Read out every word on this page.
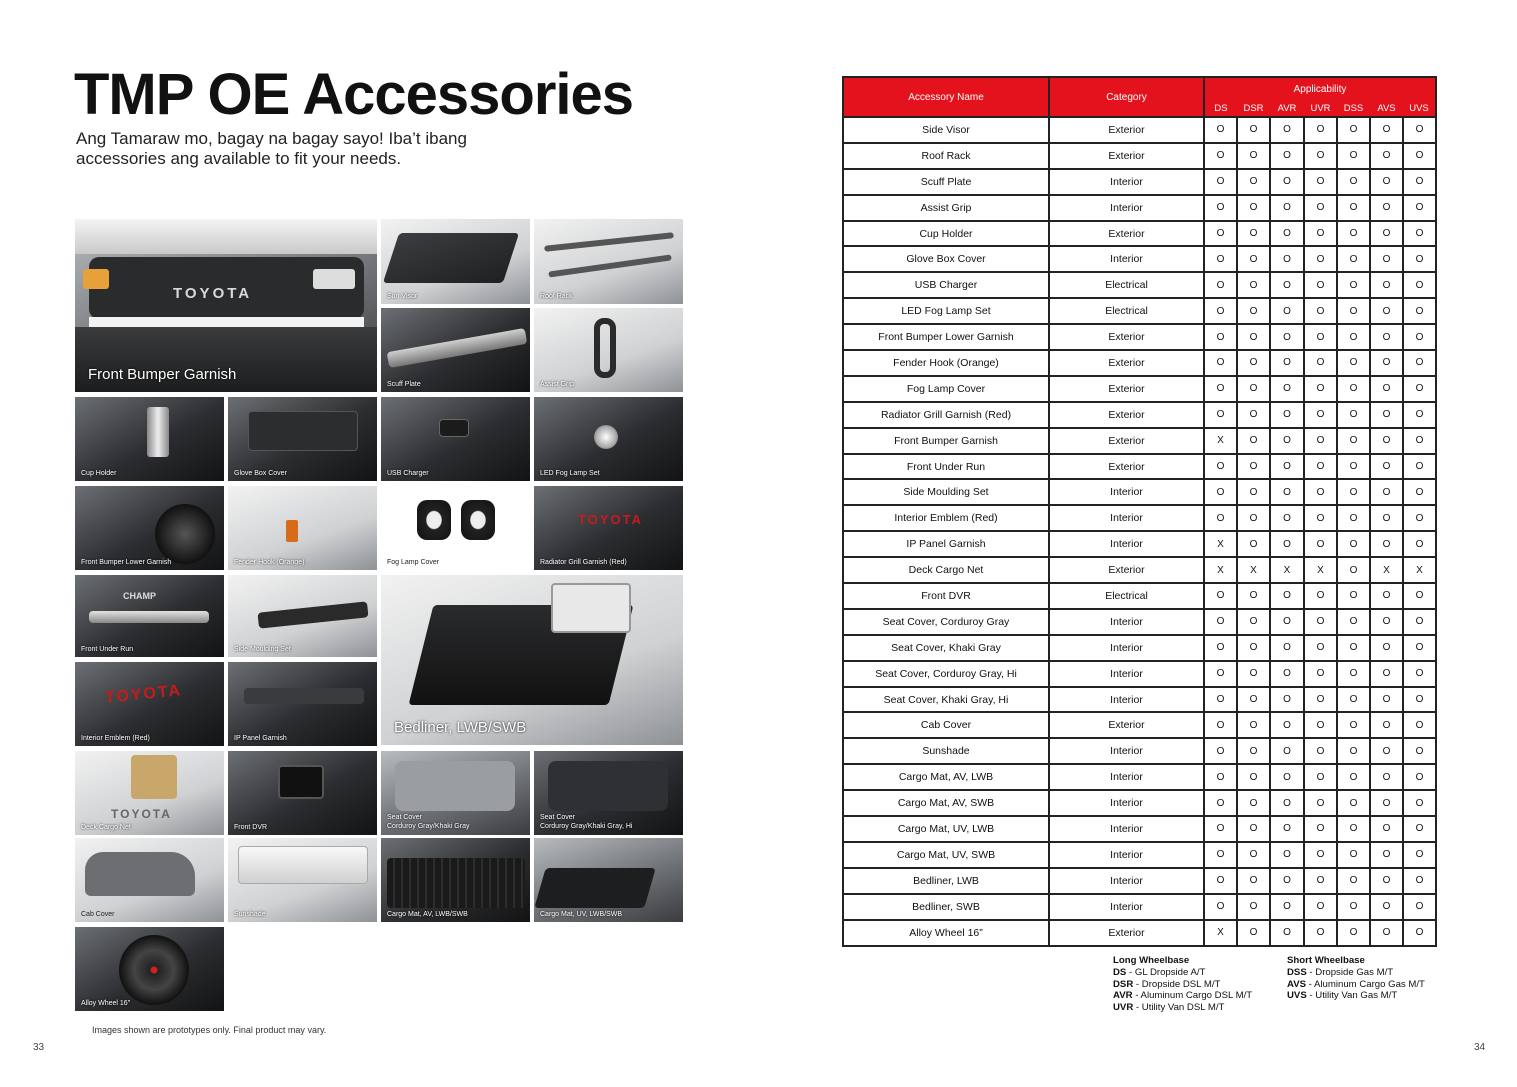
TMP OE Accessories
Ang Tamaraw mo, bagay na bagay sayo! Iba’t ibang accessories ang available to fit your needs.
TOYOTA
Front Bumper Garnish
Sun Visor	Roof Rack
Scuff Plate	Assist Grip
Cup Holder	Glove Box Cover	USB Charger	LED Fog Lamp Set
Front Bumper Lower Garnish	Fender Hook (Orange)	Fog Lamp Cover
TOYOTA
Radiator Grill Garnish (Red)
CHAMP
Front Under Run	Side Moulding Set
Bedliner, LWB/SWB
TOYOTA
Interior Emblem (Red)	IP Panel Garnish
TOYOTA
Deck Cargo Net	Front DVR
Seat Cover
Corduroy Gray/Khaki Gray
Seat Cover
Corduroy Gray/Khaki Gray, Hi
Cab Cover	Sunshade	Cargo Mat, AV, LWB/SWB	Cargo Mat, UV, LWB/SWB
Alloy Wheel 16"
Images shown are prototypes only. Final product may vary.
33	34
Accessory Name	Category	Applicability						
		DS	DSR	AVR	UVR	DSS	AVS	UVS
Side Visor	Exterior	O	O	O	O	O	O	O
Roof Rack	Exterior	O	O	O	O	O	O	O
Scuff Plate	Interior	O	O	O	O	O	O	O
Assist Grip	Interior	O	O	O	O	O	O	O
Cup Holder	Exterior	O	O	O	O	O	O	O
Glove Box Cover	Interior	O	O	O	O	O	O	O
USB Charger	Electrical	O	O	O	O	O	O	O
LED Fog Lamp Set	Electrical	O	O	O	O	O	O	O
Front Bumper Lower Garnish	Exterior	O	O	O	O	O	O	O
Fender Hook (Orange)	Exterior	O	O	O	O	O	O	O
Fog Lamp Cover	Exterior	O	O	O	O	O	O	O
Radiator Grill Garnish (Red)	Exterior	O	O	O	O	O	O	O
Front Bumper Garnish	Exterior	X	O	O	O	O	O	O
Front Under Run	Exterior	O	O	O	O	O	O	O
Side Moulding Set	Interior	O	O	O	O	O	O	O
Interior Emblem (Red)	Interior	O	O	O	O	O	O	O
IP Panel Garnish	Interior	X	O	O	O	O	O	O
Deck Cargo Net	Exterior	X	X	X	X	O	X	X
Front DVR	Electrical	O	O	O	O	O	O	O
Seat Cover, Corduroy Gray	Interior	O	O	O	O	O	O	O
Seat Cover, Khaki Gray	Interior	O	O	O	O	O	O	O
Seat Cover, Corduroy Gray, Hi	Interior	O	O	O	O	O	O	O
Seat Cover, Khaki Gray, Hi	Interior	O	O	O	O	O	O	O
Cab Cover	Exterior	O	O	O	O	O	O	O
Sunshade	Interior	O	O	O	O	O	O	O
Cargo Mat, AV, LWB	Interior	O	O	O	O	O	O	O
Cargo Mat, AV, SWB	Interior	O	O	O	O	O	O	O
Cargo Mat, UV, LWB	Interior	O	O	O	O	O	O	O
Cargo Mat, UV, SWB	Interior	O	O	O	O	O	O	O
Bedliner, LWB	Interior	O	O	O	O	O	O	O
Bedliner, SWB	Interior	O	O	O	O	O	O	O
Alloy Wheel 16”	Exterior	X	O	O	O	O	O	O
Long Wheelbase
DS - GL Dropside A/T
DSR - Dropside DSL M/T
AVR - Aluminum Cargo DSL M/T
UVR - Utility Van DSL M/T
Short Wheelbase
DSS - Dropside Gas M/T
AVS - Aluminum Cargo Gas M/T
UVS - Utility Van Gas M/T
